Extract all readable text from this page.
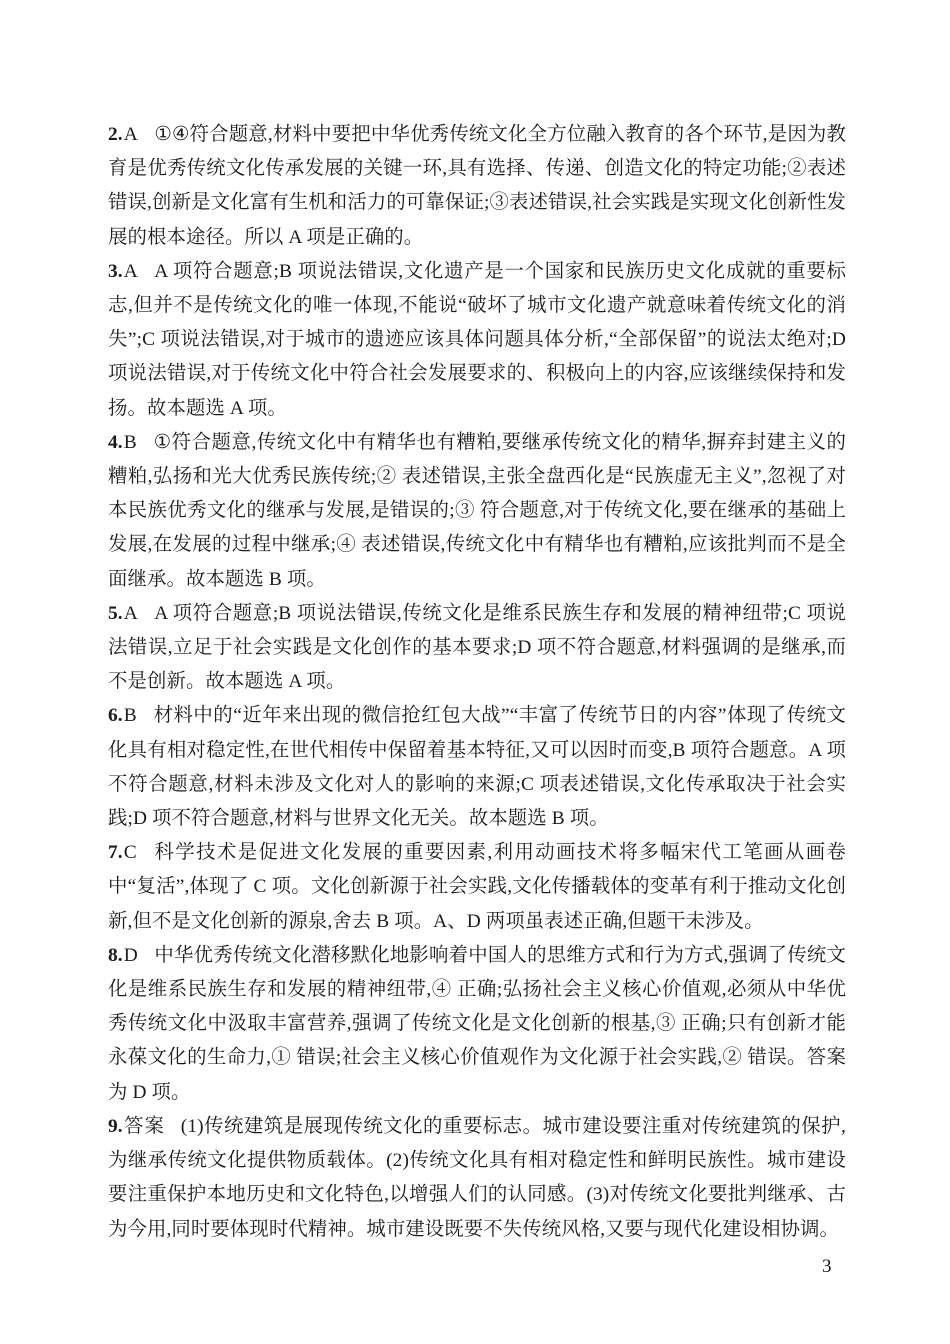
2.A ①④符合题意,材料中要把中华优秀传统文化全方位融入教育的各个环节,是因为教育是优秀传统文化传承发展的关键一环,具有选择、传递、创造文化的特定功能;②表述错误,创新是文化富有生机和活力的可靠保证;③表述错误,社会实践是实现文化创新性发展的根本途径。所以 A 项是正确的。

3.A A 项符合题意;B 项说法错误,文化遗产是一个国家和民族历史文化成就的重要标志,但并不是传统文化的唯一体现,不能说“破坏了城市文化遗产就意味着传统文化的消失”;C 项说法错误,对于城市的遗迹应该具体问题具体分析,“全部保留”的说法太绝对;D 项说法错误,对于传统文化中符合社会发展要求的、积极向上的内容,应该继续保持和发扬。故本题选 A 项。

4.B ①符合题意,传统文化中有精华也有糟粕,要继承传统文化的精华,摒弃封建主义的糟粕,弘扬和光大优秀民族传统;② 表述错误,主张全盘西化是“民族虚无主义”,忽视了对本民族优秀文化的继承与发展,是错误的;③ 符合题意,对于传统文化,要在继承的基础上发展,在发展的过程中继承;④ 表述错误,传统文化中有精华也有糟粕,应该批判而不是全面继承。故本题选 B 项。

5.A A 项符合题意;B 项说法错误,传统文化是维系民族生存和发展的精神纽带;C 项说法错误,立足于社会实践是文化创作的基本要求;D 项不符合题意,材料强调的是继承,而不是创新。故本题选 A 项。

6.B 材料中的“近年来出现的微信抢红包大战”“丰富了传统节日的内容”体现了传统文化具有相对稳定性,在世代相传中保留着基本特征,又可以因时而变,B 项符合题意。A 项不符合题意,材料未涉及文化对人的影响的来源;C 项表述错误,文化传承取决于社会实践;D 项不符合题意,材料与世界文化无关。故本题选 B 项。

7.C 科学技术是促进文化发展的重要因素,利用动画技术将多幅宋代工笔画从画卷中“复活”,体现了 C 项。文化创新源于社会实践,文化传播载体的变革有利于推动文化创新,但不是文化创新的源泉,舍去 B 项。A、D 两项虽表述正确,但题干未涉及。

8.D 中华优秀传统文化潜移默化地影响着中国人的思维方式和行为方式,强调了传统文化是维系民族生存和发展的精神纽带,④ 正确;弘扬社会主义核心价值观,必须从中华优秀传统文化中汲取丰富营养,强调了传统文化是文化创新的根基,③ 正确;只有创新才能永葆文化的生命力,① 错误;社会主义核心价值观作为文化源于社会实践,② 错误。答案为 D 项。

9.答案 (1)传统建筑是展现传统文化的重要标志。城市建设要注重对传统建筑的保护,为继承传统文化提供物质载体。(2)传统文化具有相对稳定性和鲜明民族性。城市建设要注重保护本地历史和文化特色,以增强人们的认同感。(3)对传统文化要批判继承、古为今用,同时要体现时代精神。城市建设既要不失传统风格,又要与现代化建设相协调。

3
